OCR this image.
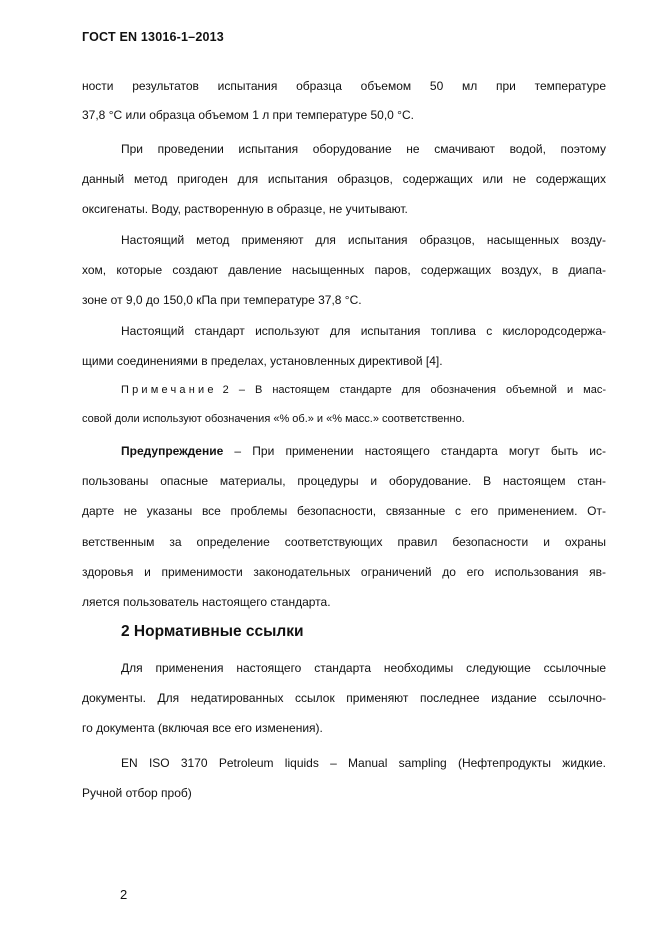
ГОСТ EN 13016-1–2013
ности результатов испытания образца объемом 50 мл при температуре
37,8 °С или образца объемом 1 л при температуре 50,0 °С.
При проведении испытания оборудование не смачивают водой, поэтому
данный метод пригоден для испытания образцов, содержащих или не содержащих
оксигенаты. Воду, растворенную в образце, не учитывают.
Настоящий метод применяют для испытания образцов, насыщенных возду-
хом, которые создают давление насыщенных паров, содержащих воздух, в диапа-
зоне от 9,0 до 150,0 кПа при температуре 37,8 °С.
Настоящий стандарт используют для испытания топлива с кислородсодержа-
щими соединениями в пределах, установленных директивой [4].
Примечание 2 – В настоящем стандарте для обозначения объемной и мас-
совой доли используют обозначения «% об.» и «% масс.» соответственно.
Предупреждение – При применении настоящего стандарта могут быть ис-
пользованы опасные материалы, процедуры и оборудование. В настоящем стан-
дарте не указаны все проблемы безопасности, связанные с его применением. От-
ветственным за определение соответствующих правил безопасности и охраны
здоровья и применимости законодательных ограничений до его использования яв-
ляется пользователь настоящего стандарта.
2 Нормативные ссылки
Для применения настоящего стандарта необходимы следующие ссылочные
документы. Для недатированных ссылок применяют последнее издание ссылочно-
го документа (включая все его изменения).
EN ISO 3170 Petroleum liquids – Manual sampling (Нефтепродукты жидкие.
Ручной отбор проб)
2
